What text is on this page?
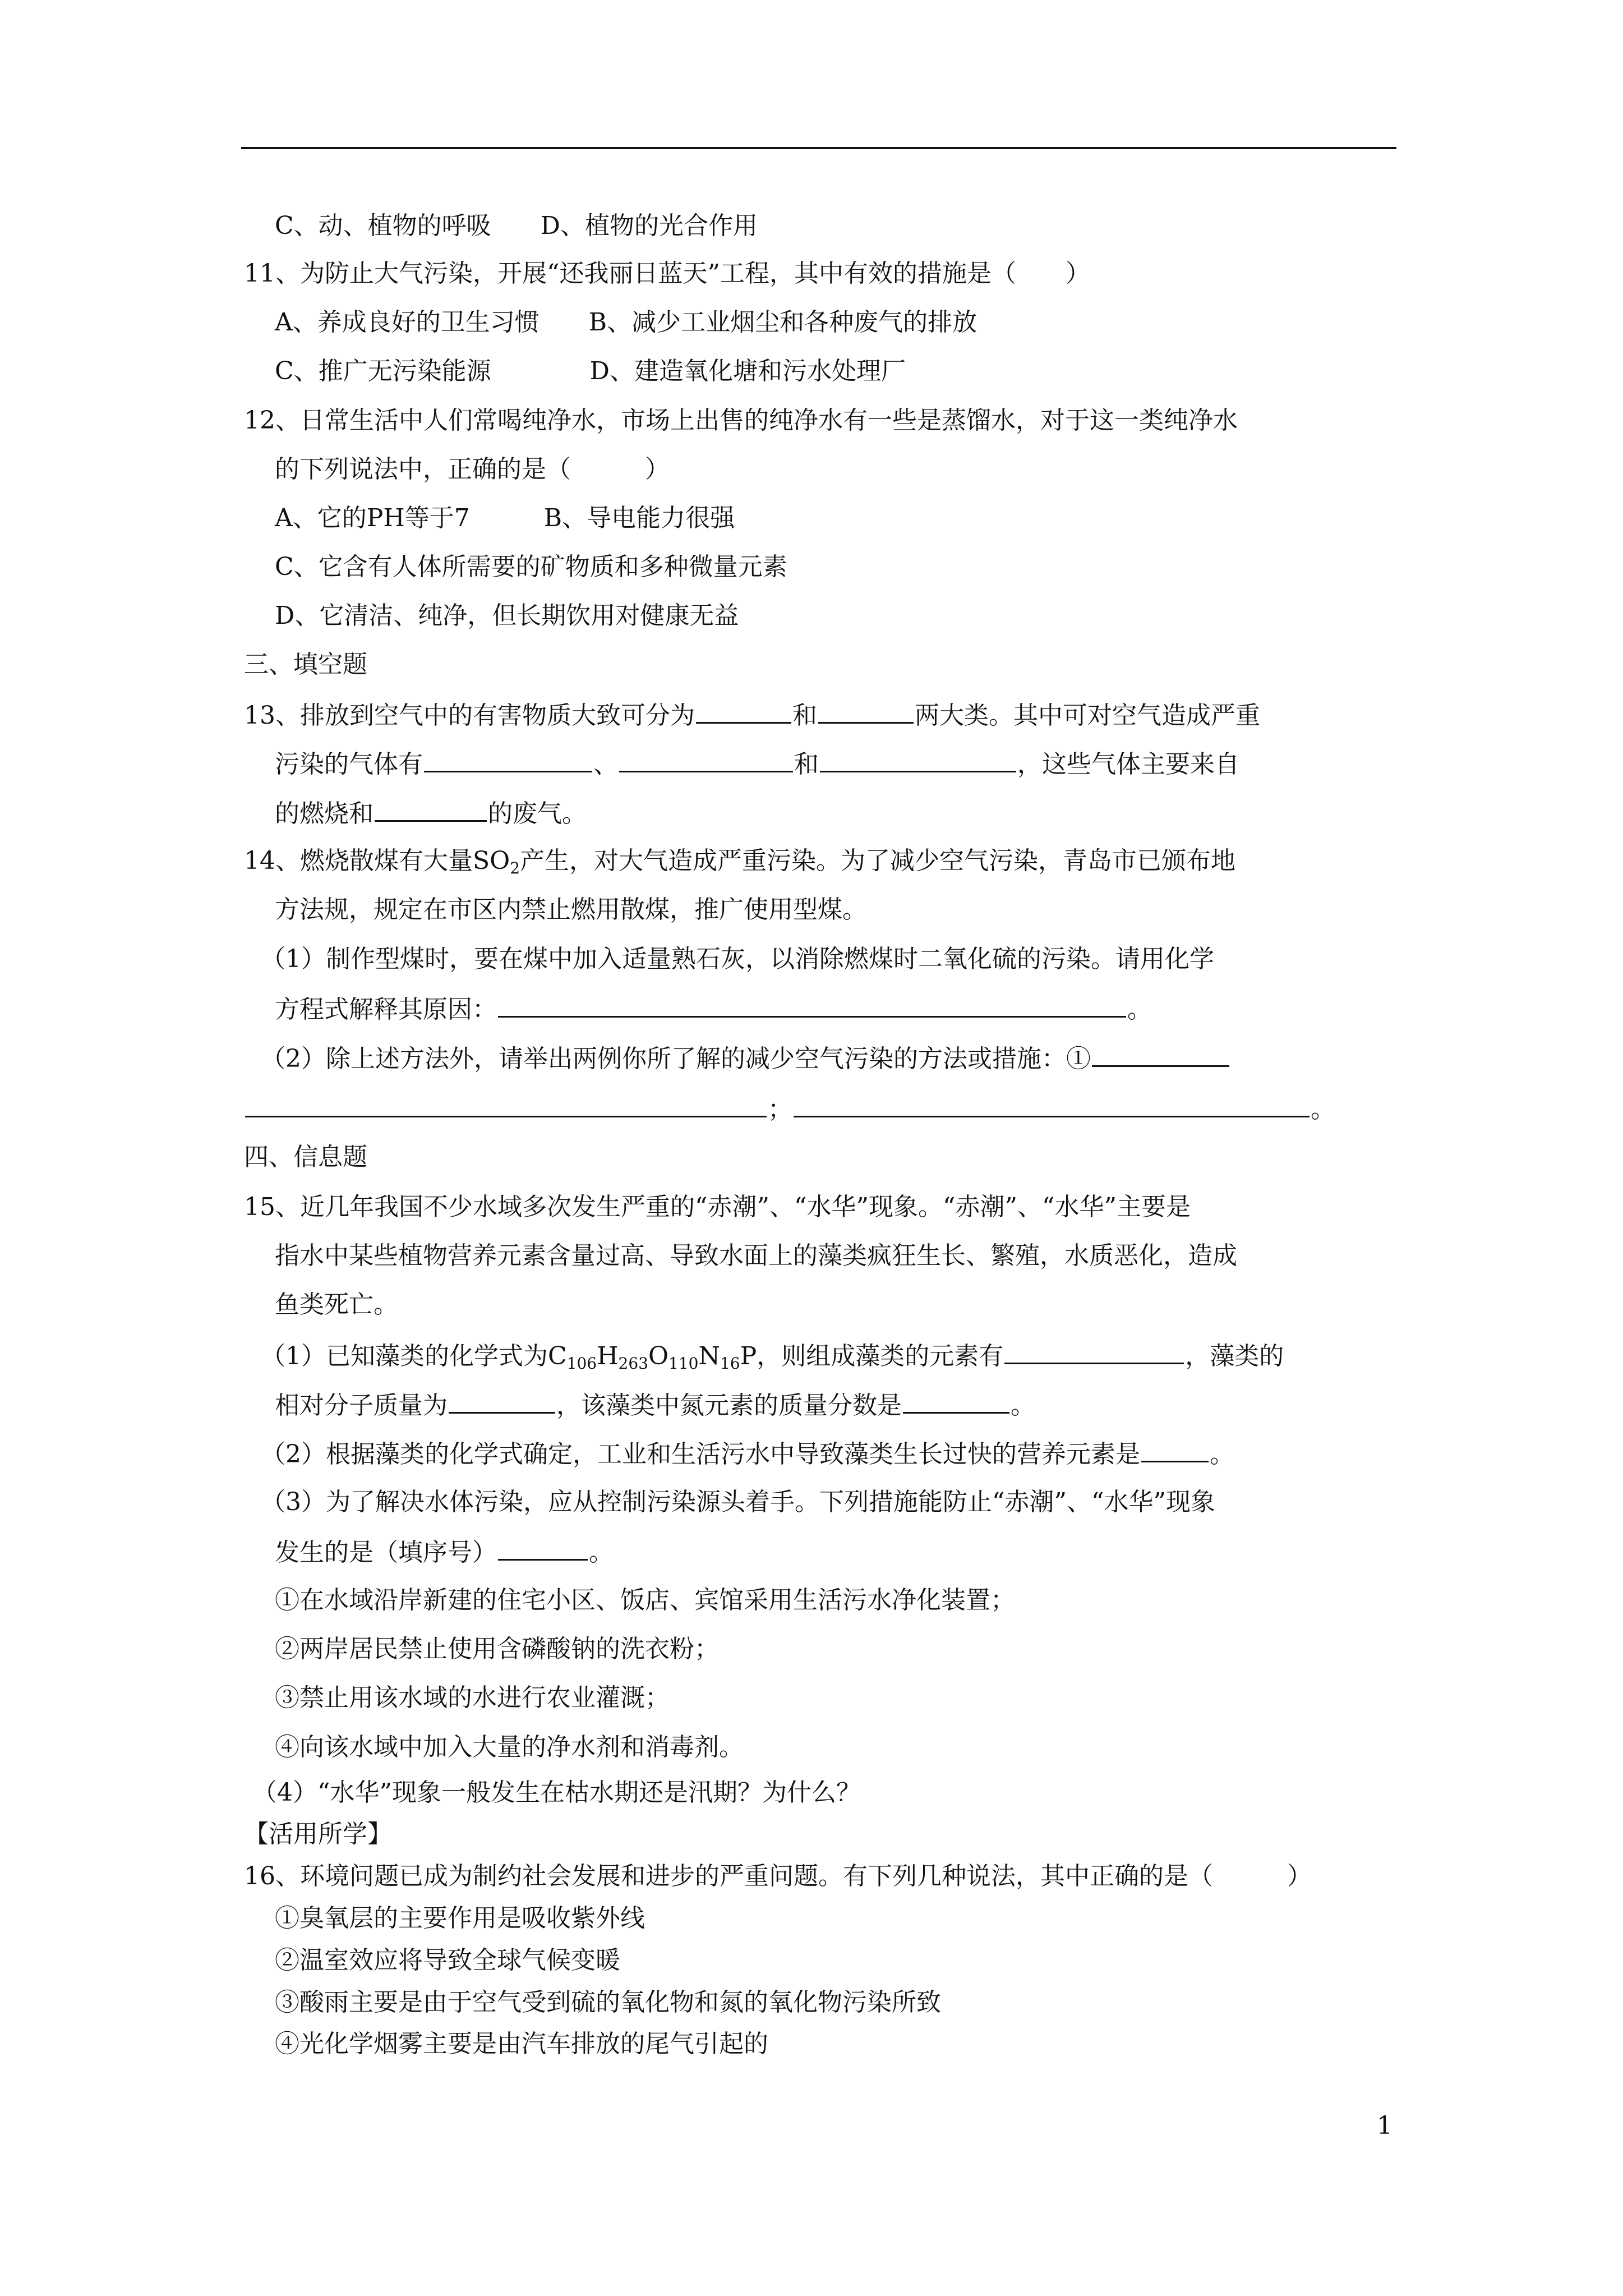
C、动、植物的呼吸　　D、植物的光合作用
11、为防止大气污染，开展“还我丽日蓝天”工程，其中有效的措施是（　　）
A、养成良好的卫生习惯　　B、减少工业烟尘和各种废气的排放
C、推广无污染能源　　　　D、建造氧化塘和污水处理厂
12、日常生活中人们常喝纯净水，市场上出售的纯净水有一些是蒸馏水，对于这一类纯净水
的下列说法中，正确的是（　　　）
A、它的PH等于7　　　B、导电能力很强
C、它含有人体所需要的矿物质和多种微量元素
D、它清洁、纯净，但长期饮用对健康无益
三、填空题
13、排放到空气中的有害物质大致可分为	和	两大类。其中可对空气造成严重
污染的气体有	、	和	，这些气体主要来自
的燃烧和	的废气。
14、燃烧散煤有大量$SO_2$产生，对大气造成严重污染。为了减少空气污染，青岛市已颁布地
方法规，规定在市区内禁止燃用散煤，推广使用型煤。
（1）制作型煤时，要在煤中加入适量熟石灰，以消除燃煤时二氧化硫的污染。请用化学
方程式解释其原因：	。
（2）除上述方法外，请举出两例你所了解的减少空气污染的方法或措施：①
；	。
四、信息题
15、近几年我国不少水域多次发生严重的“赤潮”、“水华”现象。“赤潮”、“水华”主要是
指水中某些植物营养元素含量过高、导致水面上的藻类疯狂生长、繁殖，水质恶化，造成
鱼类死亡。
（1）已知藻类的化学式为$C_{106}H_{263}O_{110}N_{16}P$，则组成藻类的元素有	，藻类的
相对分子质量为	，该藻类中氮元素的质量分数是	。
（2）根据藻类的化学式确定，工业和生活污水中导致藻类生长过快的营养元素是	。
（3）为了解决水体污染，应从控制污染源头着手。下列措施能防止“赤潮”、“水华”现象
发生的是（填序号）	。
①在水域沿岸新建的住宅小区、饭店、宾馆采用生活污水净化装置；
②两岸居民禁止使用含磷酸钠的洗衣粉；
③禁止用该水域的水进行农业灌溉；
④向该水域中加入大量的净水剂和消毒剂。
（4）“水华”现象一般发生在枯水期还是汛期？为什么？
【活用所学】
16、环境问题已成为制约社会发展和进步的严重问题。有下列几种说法，其中正确的是（　　　）
①臭氧层的主要作用是吸收紫外线
②温室效应将导致全球气候变暖
③酸雨主要是由于空气受到硫的氧化物和氮的氧化物污染所致
④光化学烟雾主要是由汽车排放的尾气引起的
1
